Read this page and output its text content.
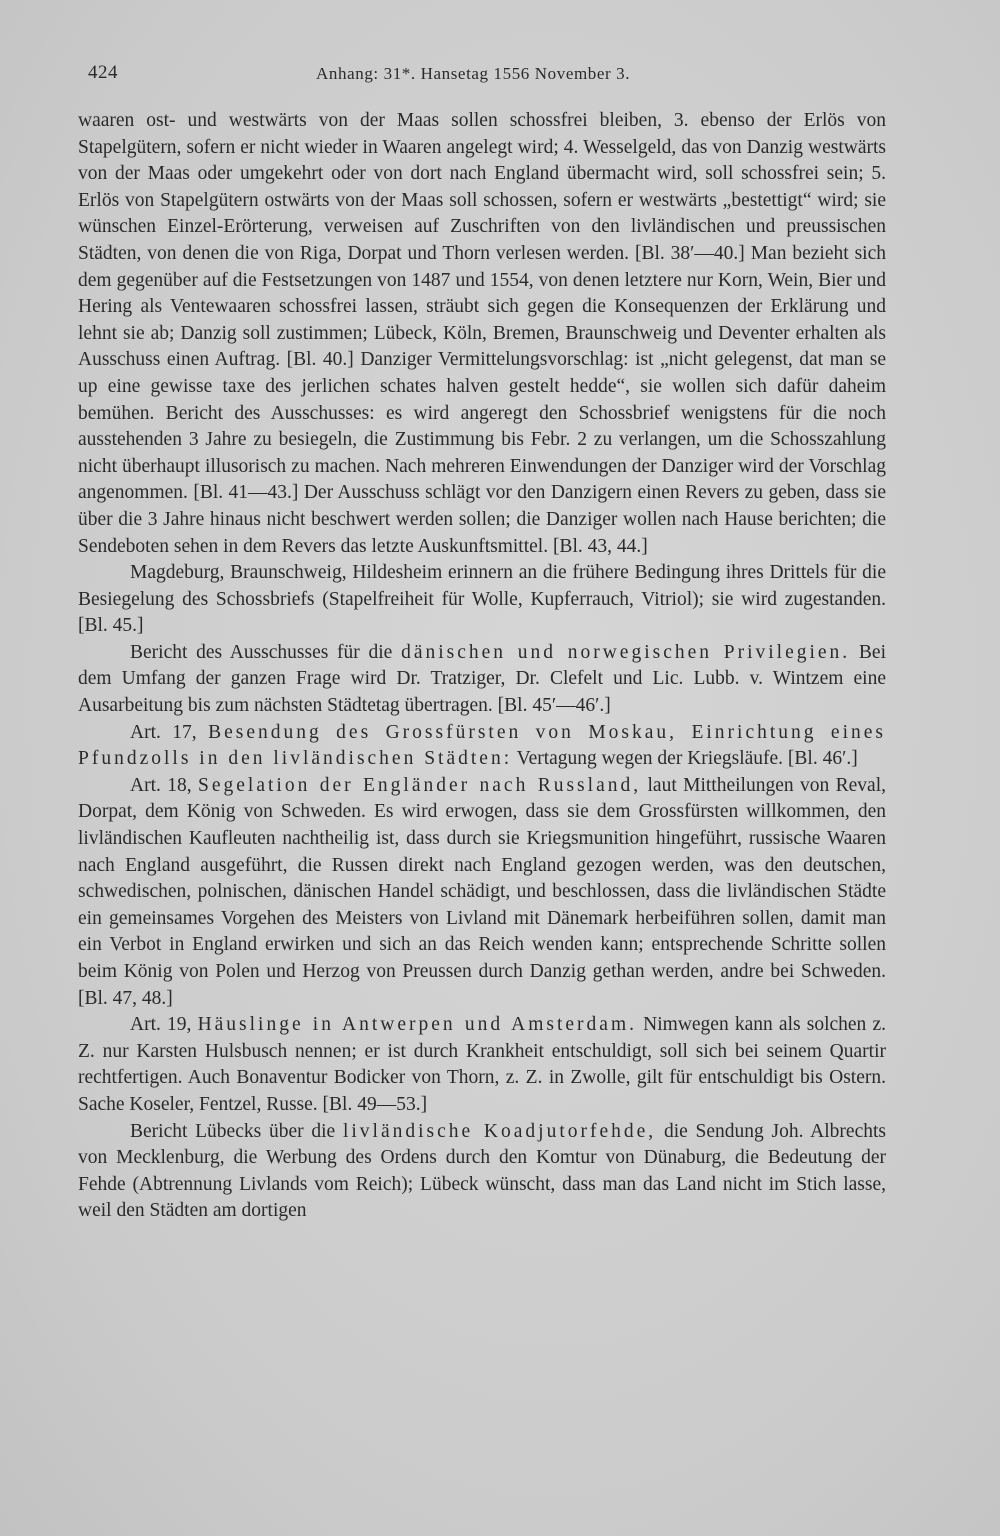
424	Anhang: 31*. Hansetag 1556 November 3.

waaren ost- und westwärts von der Maas sollen schossfrei bleiben, 3. ebenso der Erlös von Stapelgütern, sofern er nicht wieder in Waaren angelegt wird; 4. Wesselgeld, das von Danzig westwärts von der Maas oder umgekehrt oder von dort nach England übermacht wird, soll schossfrei sein; 5. Erlös von Stapelgütern ostwärts von der Maas soll schossen, sofern er westwärts „bestettigt“ wird; sie wünschen Einzel-Erörterung, verweisen auf Zuschriften von den livländischen und preussischen Städten, von denen die von Riga, Dorpat und Thorn verlesen werden. [Bl. 38′—40.] Man bezieht sich dem gegenüber auf die Festsetzungen von 1487 und 1554, von denen letztere nur Korn, Wein, Bier und Hering als Ventewaaren schossfrei lassen, sträubt sich gegen die Konsequenzen der Erklärung und lehnt sie ab; Danzig soll zustimmen; Lübeck, Köln, Bremen, Braunschweig und Deventer erhalten als Ausschuss einen Auftrag. [Bl. 40.] Danziger Vermittelungsvorschlag: ist „nicht gelegenst, dat man se up eine gewisse taxe des jerlichen schates halven gestelt hedde“, sie wollen sich dafür daheim bemühen. Bericht des Ausschusses: es wird angeregt den Schossbrief wenigstens für die noch ausstehenden 3 Jahre zu besiegeln, die Zustimmung bis Febr. 2 zu verlangen, um die Schosszahlung nicht überhaupt illusorisch zu machen. Nach mehreren Einwendungen der Danziger wird der Vorschlag angenommen. [Bl. 41—43.] Der Ausschuss schlägt vor den Danzigern einen Revers zu geben, dass sie über die 3 Jahre hinaus nicht beschwert werden sollen; die Danziger wollen nach Hause berichten; die Sendeboten sehen in dem Revers das letzte Auskunftsmittel. [Bl. 43, 44.]

Magdeburg, Braunschweig, Hildesheim erinnern an die frühere Bedingung ihres Drittels für die Besiegelung des Schossbriefs (Stapelfreiheit für Wolle, Kupferrauch, Vitriol); sie wird zugestanden. [Bl. 45.]

Bericht des Ausschusses für die dänischen und norwegischen Privilegien. Bei dem Umfang der ganzen Frage wird Dr. Tratziger, Dr. Clefelt und Lic. Lubb. v. Wintzem eine Ausarbeitung bis zum nächsten Städtetag übertragen. [Bl. 45′—46′.]

Art. 17, Besendung des Grossfürsten von Moskau, Einrichtung eines Pfundzolls in den livländischen Städten: Vertagung wegen der Kriegsläufe. [Bl. 46′.]

Art. 18, Segelation der Engländer nach Russland, laut Mittheilungen von Reval, Dorpat, dem König von Schweden. Es wird erwogen, dass sie dem Grossfürsten willkommen, den livländischen Kaufleuten nachtheilig ist, dass durch sie Kriegsmunition hingeführt, russische Waaren nach England ausgeführt, die Russen direkt nach England gezogen werden, was den deutschen, schwedischen, polnischen, dänischen Handel schädigt, und beschlossen, dass die livländischen Städte ein gemeinsames Vorgehen des Meisters von Livland mit Dänemark herbeiführen sollen, damit man ein Verbot in England erwirken und sich an das Reich wenden kann; entsprechende Schritte sollen beim König von Polen und Herzog von Preussen durch Danzig gethan werden, andre bei Schweden. [Bl. 47, 48.]

Art. 19, Häuslinge in Antwerpen und Amsterdam. Nimwegen kann als solchen z. Z. nur Karsten Hulsbusch nennen; er ist durch Krankheit entschuldigt, soll sich bei seinem Quartir rechtfertigen. Auch Bonaventur Bodicker von Thorn, z. Z. in Zwolle, gilt für entschuldigt bis Ostern. Sache Koseler, Fentzel, Russe. [Bl. 49—53.]

Bericht Lübecks über die livländische Koadjutorfehde, die Sendung Joh. Albrechts von Mecklenburg, die Werbung des Ordens durch den Komtur von Dünaburg, die Bedeutung der Fehde (Abtrennung Livlands vom Reich); Lübeck wünscht, dass man das Land nicht im Stich lasse, weil den Städten am dortigen
